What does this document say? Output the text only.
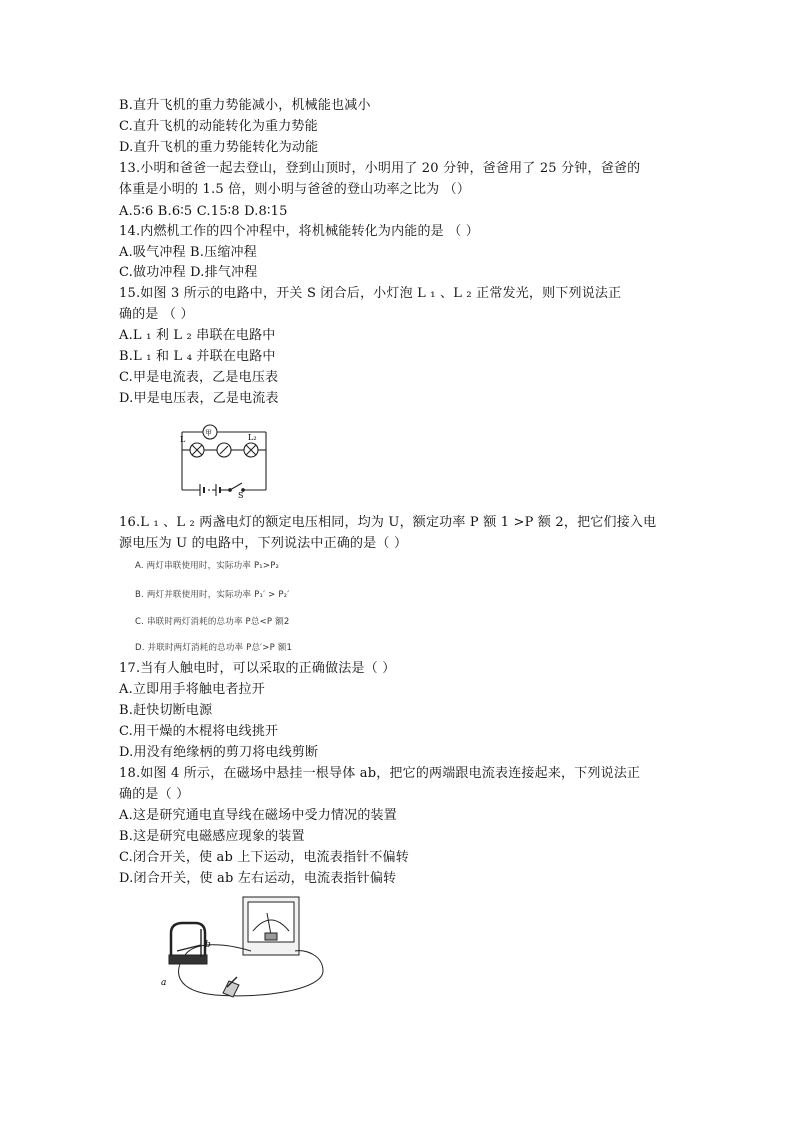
B.直升飞机的重力势能减小，机械能也减小
C.直升飞机的动能转化为重力势能
D.直升飞机的重力势能转化为动能
13.小明和爸爸一起去登山，登到山顶时，小明用了 20 分钟，爸爸用了 25 分钟，爸爸的
体重是小明的 1.5 倍，则小明与爸爸的登山功率之比为 （）
A.5∶6 B.6∶5 C.15∶8 D.8∶15
14.内燃机工作的四个冲程中，将机械能转化为内能的是 （ ）
A.吸气冲程 B.压缩冲程
C.做功冲程 D.排气冲程
15.如图 3 所示的电路中，开关 S 闭合后，小灯泡 L ₁ 、L ₂ 正常发光，则下列说法正
确的是 （ ）
A.L ₁ 利 L ₂ 串联在电路中
B.L ₁ 和 L ₄ 并联在电路中
C.甲是电流表，乙是电压表
D.甲是电压表，乙是电流表
甲
L	L₂
S
16.L ₁ 、L ₂ 两盏电灯的额定电压相同，均为 U，额定功率 P 额 1 >P 额 2，把它们接入电
源电压为 U 的电路中，下列说法中正确的是（ ）
A. 两灯串联使用时，实际功率 P₁>P₂
B. 两灯并联使用时，实际功率 P₁′ > P₂′
C. 串联时两灯消耗的总功率 P总<P 额2
D. 并联时两灯消耗的总功率 P总′>P 额1
17.当有人触电时，可以采取的正确做法是（ ）
A.立即用手将触电者拉开
B.赶快切断电源
C.用干燥的木棍将电线挑开
D.用没有绝缘柄的剪刀将电线剪断
18.如图 4 所示，在磁场中悬挂一根导体 ab，把它的两端跟电流表连接起来，下列说法正
确的是（ ）
A.这是研究通电直导线在磁场中受力情况的装置
B.这是研究电磁感应现象的装置
C.闭合开关，使 ab 上下运动，电流表指针不偏转
D.闭合开关，使 ab 左右运动，电流表指针偏转
a
b
